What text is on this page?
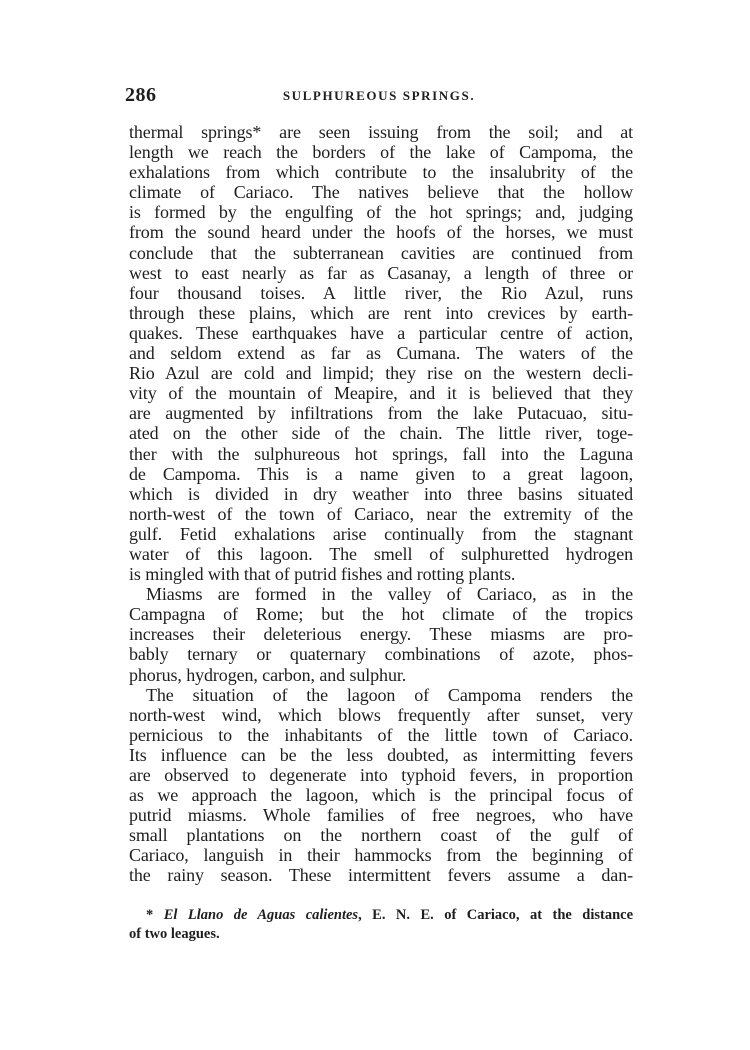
286	SULPHUREOUS SPRINGS.
thermal springs* are seen issuing from the soil; and at
length we reach the borders of the lake of Campoma, the
exhalations from which contribute to the insalubrity of the
climate of Cariaco. The natives believe that the hollow
is formed by the engulfing of the hot springs; and, judging
from the sound heard under the hoofs of the horses, we must
conclude that the subterranean cavities are continued from
west to east nearly as far as Casanay, a length of three or
four thousand toises. A little river, the Rio Azul, runs
through these plains, which are rent into crevices by earth-
quakes. These earthquakes have a particular centre of action,
and seldom extend as far as Cumana. The waters of the
Rio Azul are cold and limpid; they rise on the western decli-
vity of the mountain of Meapire, and it is believed that they
are augmented by infiltrations from the lake Putacuao, situ-
ated on the other side of the chain. The little river, toge-
ther with the sulphureous hot springs, fall into the Laguna
de Campoma. This is a name given to a great lagoon,
which is divided in dry weather into three basins situated
north-west of the town of Cariaco, near the extremity of the
gulf. Fetid exhalations arise continually from the stagnant
water of this lagoon. The smell of sulphuretted hydrogen
is mingled with that of putrid fishes and rotting plants.
Miasms are formed in the valley of Cariaco, as in the
Campagna of Rome; but the hot climate of the tropics
increases their deleterious energy. These miasms are pro-
bably ternary or quaternary combinations of azote, phos-
phorus, hydrogen, carbon, and sulphur.
The situation of the lagoon of Campoma renders the
north-west wind, which blows frequently after sunset, very
pernicious to the inhabitants of the little town of Cariaco.
Its influence can be the less doubted, as intermitting fevers
are observed to degenerate into typhoid fevers, in proportion
as we approach the lagoon, which is the principal focus of
putrid miasms. Whole families of free negroes, who have
small plantations on the northern coast of the gulf of
Cariaco, languish in their hammocks from the beginning of
the rainy season. These intermittent fevers assume a dan-
* El Llano de Aguas calientes, E. N. E. of Cariaco, at the distance
of two leagues.
